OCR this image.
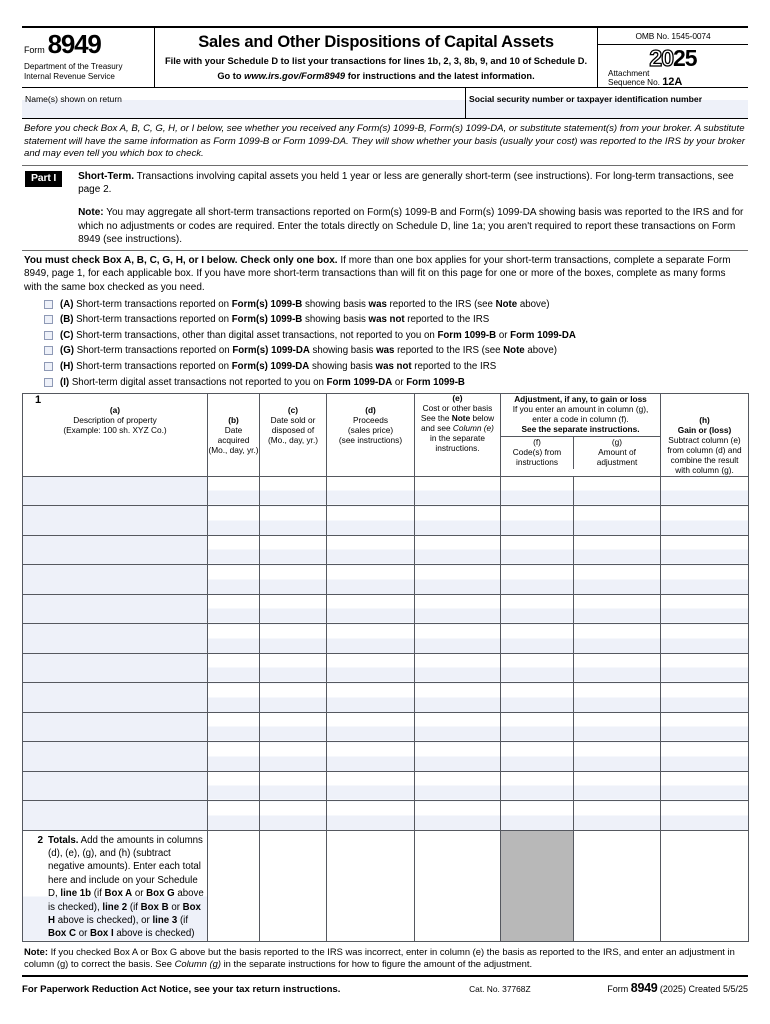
Form 8949
Department of the Treasury
Internal Revenue Service
Sales and Other Dispositions of Capital Assets
File with your Schedule D to list your transactions for lines 1b, 2, 3, 8b, 9, and 10 of Schedule D.
Go to www.irs.gov/Form8949 for instructions and the latest information.
OMB No. 1545-0074
2025
Attachment
Sequence No. 12A
Name(s) shown on return	Social security number or taxpayer identification number
Before you check Box A, B, C, G, H, or I below, see whether you received any Form(s) 1099-B, Form(s) 1099-DA, or substitute statement(s) from your broker. A substitute statement will have the same information as Form 1099-B or Form 1099-DA. They will show whether your basis (usually your cost) was reported to the IRS by your broker and may even tell you which box to check.
Part I	Short-Term. Transactions involving capital assets you held 1 year or less are generally short-term (see instructions). For long-term transactions, see page 2.

Note: You may aggregate all short-term transactions reported on Form(s) 1099-B and Form(s) 1099-DA showing basis was reported to the IRS and for which no adjustments or codes are required. Enter the totals directly on Schedule D, line 1a; you aren't required to report these transactions on Form 8949 (see instructions).

You must check Box A, B, C, G, H, or I below. Check only one box. If more than one box applies for your short-term transactions, complete a separate Form 8949, page 1, for each applicable box. If you have more short-term transactions than will fit on this page for one or more of the boxes, complete as many forms with the same box checked as you need.
(A) Short-term transactions reported on Form(s) 1099-B showing basis was reported to the IRS (see Note above)
(B) Short-term transactions reported on Form(s) 1099-B showing basis was not reported to the IRS
(C) Short-term transactions, other than digital asset transactions, not reported to you on Form 1099-B or Form 1099-DA
(G) Short-term transactions reported on Form(s) 1099-DA showing basis was reported to the IRS (see Note above)
(H) Short-term transactions reported on Form(s) 1099-DA showing basis was not reported to the IRS
(I) Short-term digital asset transactions not reported to you on Form 1099-DA or Form 1099-B
1
(a)
Description of property
(Example: 100 sh. XYZ Co.)

(b)
Date acquired
(Mo., day, yr.)

(c)
Date sold or
disposed of
(Mo., day, yr.)

(d)
Proceeds
(sales price)
(see instructions)

(e)
Cost or other basis
See the Note below
and see Column (e)
in the separate
instructions.

Adjustment, if any, to gain or loss
If you enter an amount in column (g),
enter a code in column (f).
See the separate instructions.
(f)
Code(s) from
instructions
(g)
Amount of
adjustment

(h)
Gain or (loss)
Subtract column (e)
from column (d) and
combine the result
with column (g).

2 Totals. Add the amounts in columns (d), (e), (g), and (h) (subtract negative amounts). Enter each total here and include on your Schedule D, line 1b (if Box A or Box G above is checked), line 2 (if Box B or Box H above is checked), or line 3 (if Box C or Box I above is checked)							

Note: If you checked Box A or Box G above but the basis reported to the IRS was incorrect, enter in column (e) the basis as reported to the IRS, and enter an adjustment in column (g) to correct the basis. See Column (g) in the separate instructions for how to figure the amount of the adjustment.
For Paperwork Reduction Act Notice, see your tax return instructions.	Cat. No. 37768Z	Form 8949 (2025) Created 5/5/25
